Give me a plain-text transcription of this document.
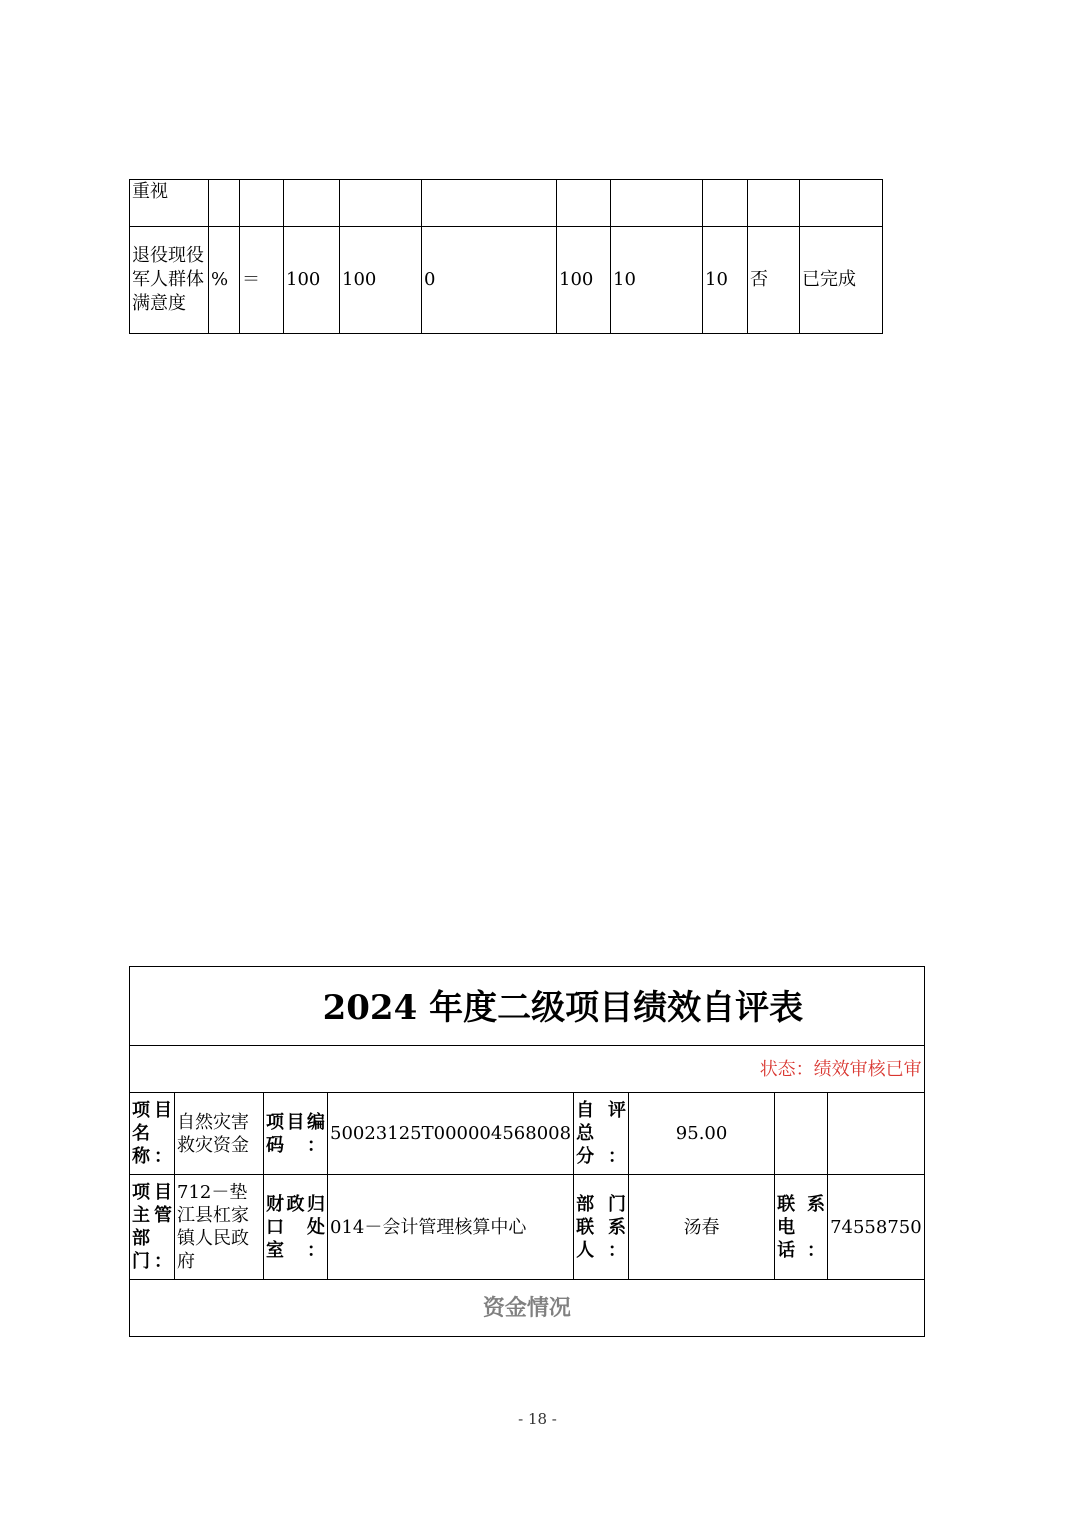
重视										
退役现役军人群体满意度	%	＝	100	100	0	100	10	10	否	已完成
2024 年度二级项目绩效自评表							
状态：绩效审核已审							
项目名称：	自然灾害救灾资金	项目编码：	50023125T000004568008	自评总分：	95.00		
项目主管部门：	712－垫江县杠家镇人民政府	财政归口处室：	014－会计管理核算中心	部门联系人：	汤春	联系电话：	74558750
资金情况							
- 18 -
